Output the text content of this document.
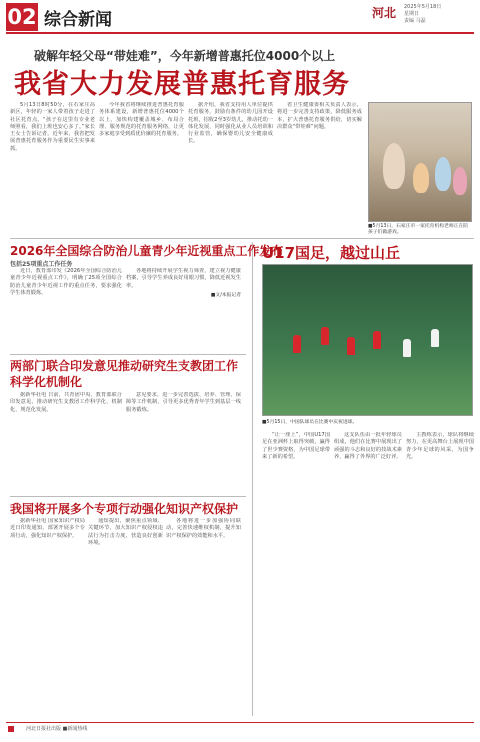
02 综合新闻	河北 2025年5月18日
星期日
责编 马磊
破解年轻父母“带娃难”，今年新增普惠托位4000个以上
我省大力发展普惠托育服务

5月13日8时50分，在石家庄高新区，年轻的一家人带着孩子走进了社区托育点。“孩子在这里有专业老师照看，我们上班也安心多了。”家长王女士告诉记者。近年来，我省把发展普惠托育服务作为重要民生实事来抓。

今年我省将继续推进普惠托育服务体系建设，新增普惠托位4000个以上，加快构建覆盖城乡、布局合理、服务规范的托育服务网络，让更多家庭享受到质优价廉的托育服务。

据介绍，我省支持用人单位提供托育服务，鼓励有条件的幼儿园开设托班，招收2至3岁幼儿，推动托幼一体化发展，同时强化从业人员培训和行业监管，确保婴幼儿安全健康成长。

省卫生健康委相关负责人表示，将进一步完善支持政策，降低服务成本，扩大普惠托育服务供给，切实解决群众“带娃难”问题。

■5月13日，石家庄市一家托育机构老师正在陪孩子们做游戏。
2026年全国综合防治儿童青少年近视重点工作发布
包括25项重点工作任务

近日，教育部印发《2026年全国综合防治儿童青少年近视重点工作》，明确了25项全国综合防治儿童青少年近视工作的重点任务，要求强化学生体育锻炼。

各地将持续开展学生视力筛查，建立视力健康档案，引导学生养成良好用眼习惯，降低近视发生率。

■文/本报记者
两部门联合印发意见推动研究生支教团工作科学化机制化

据新华社电 日前，共青团中央、教育部联合印发意见，推动研究生支教团工作科学化、机制化、规范化发展。

意见要求，进一步完善选拔、培养、管理、保障等工作机制，引导更多优秀青年学生到基层一线服务锻炼。

我国将开展多个专项行动强化知识产权保护

据新华社电 国家知识产权局近日印发通知，部署开展多个专项行动，强化知识产权保护。

通知提出，聚焦重点领域、关键环节，加大知识产权侵权违法行为打击力度，营造良好创新环境。

各地将进一步加强协同联动，完善快速维权机制，提升知识产权保护的效能和水平。

U17国足，越过山丘
■5月15日，中国队球员在比赛中庆祝进球。

“让一座上”，中国U17国足在亚洲杯上取得突破，赢得了世少赛资格，为中国足球带来了新的希望。

这支队伍由一批年轻球员组成，他们在比赛中展现出了顽强的斗志和良好的技战术素养，赢得了外界的广泛好评。

主教练表示，球队将继续努力，在更高舞台上展现中国青少年足球的风采，为国争光。

河北日报社出版 ■新闻热线
